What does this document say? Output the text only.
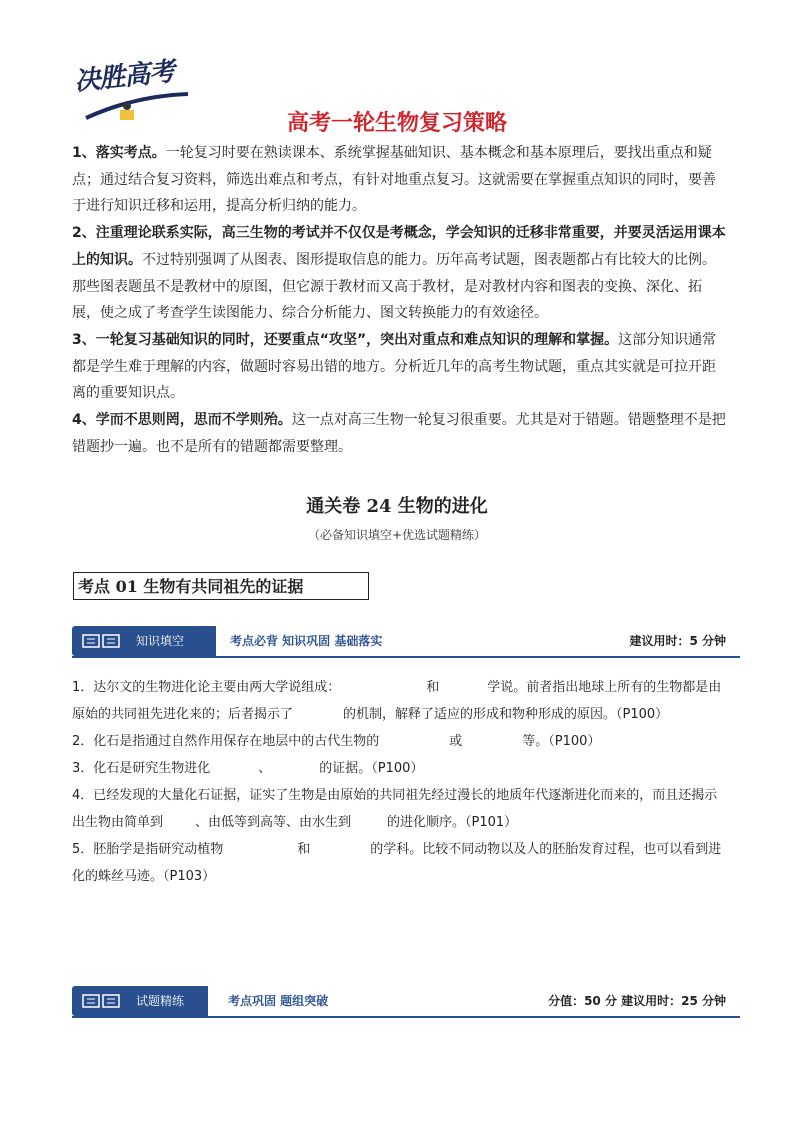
决胜高考
高考一轮生物复习策略

1、落实考点。一轮复习时要在熟读课本、系统掌握基础知识、基本概念和基本原理后，要找出重点和疑点；通过结合复习资料，筛选出难点和考点，有针对地重点复习。这就需要在掌握重点知识的同时，要善于进行知识迁移和运用，提高分析归纳的能力。

2、注重理论联系实际，高三生物的考试并不仅仅是考概念，学会知识的迁移非常重要，并要灵活运用课本上的知识。不过特别强调了从图表、图形提取信息的能力。历年高考试题，图表题都占有比较大的比例。那些图表题虽不是教材中的原图，但它源于教材而又高于教材，是对教材内容和图表的变换、深化、拓展，使之成了考查学生读图能力、综合分析能力、图文转换能力的有效途径。

3、一轮复习基础知识的同时，还要重点“攻坚”，突出对重点和难点知识的理解和掌握。这部分知识通常都是学生难于理解的内容，做题时容易出错的地方。分析近几年的高考生物试题，重点其实就是可拉开距离的重要知识点。

4、学而不思则罔，思而不学则殆。这一点对高三生物一轮复习很重要。尤其是对于错题。错题整理不是把错题抄一遍。也不是所有的错题都需要整理。

通关卷 24 生物的进化
（必备知识填空+优选试题精练）
考点 01 生物有共同祖先的证据
知识填空	考点必背 知识巩固 基础落实	建议用时：5 分钟

1．达尔文的生物进化论主要由两大学说组成：	和	学说。前者指出地球上所有的生物都是由原始的共同祖先进化来的；后者揭示了	的机制，解释了适应的形成和物种形成的原因。（P100）

2．化石是指通过自然作用保存在地层中的古代生物的	或	等。（P100）

3．化石是研究生物进化	、	的证据。（P100）

4．已经发现的大量化石证据，证实了生物是由原始的共同祖先经过漫长的地质年代逐渐进化而来的，而且还揭示出生物由简单到 、由低等到高等、由水生到	的进化顺序。（P101）

5．胚胎学是指研究动植物	和	的学科。比较不同动物以及人的胚胎发育过程，也可以看到进化的蛛丝马迹。（P103）

试题精练	考点巩固 题组突破	分值：50 分 建议用时：25 分钟
